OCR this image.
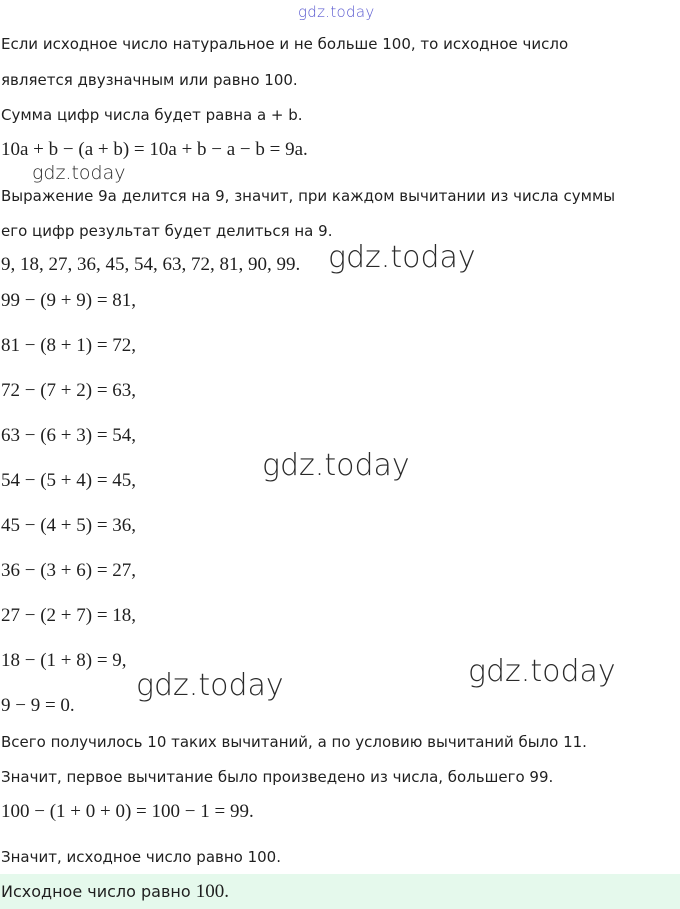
gdz.today
Если исходное число натуральное и не больше 100, то исходное число
является двузначным или равно 100.
Сумма цифр числа будет равна a + b.
10a + b − (a + b) = 10a + b − a − b = 9a.
gdz.today
Выражение 9a делится на 9, значит, при каждом вычитании из числа суммы
его цифр результат будет делиться на 9.
9, 18, 27, 36, 45, 54, 63, 72, 81, 90, 99. gdz.today
99 − (9 + 9) = 81,
81 − (8 + 1) = 72,
72 − (7 + 2) = 63,
63 − (6 + 3) = 54,
54 − (5 + 4) = 45,	gdz.today
45 − (4 + 5) = 36,
36 − (3 + 6) = 27,
27 − (2 + 7) = 18,
18 − (1 + 8) = 9,	gdz.today
gdz.today
9 − 9 = 0.
Всего получилось 10 таких вычитаний, а по условию вычитаний было 11.
Значит, первое вычитание было произведено из числа, большего 99.
100 − (1 + 0 + 0) = 100 − 1 = 99.
Значит, исходное число равно 100.
Исходное число равно 100.
